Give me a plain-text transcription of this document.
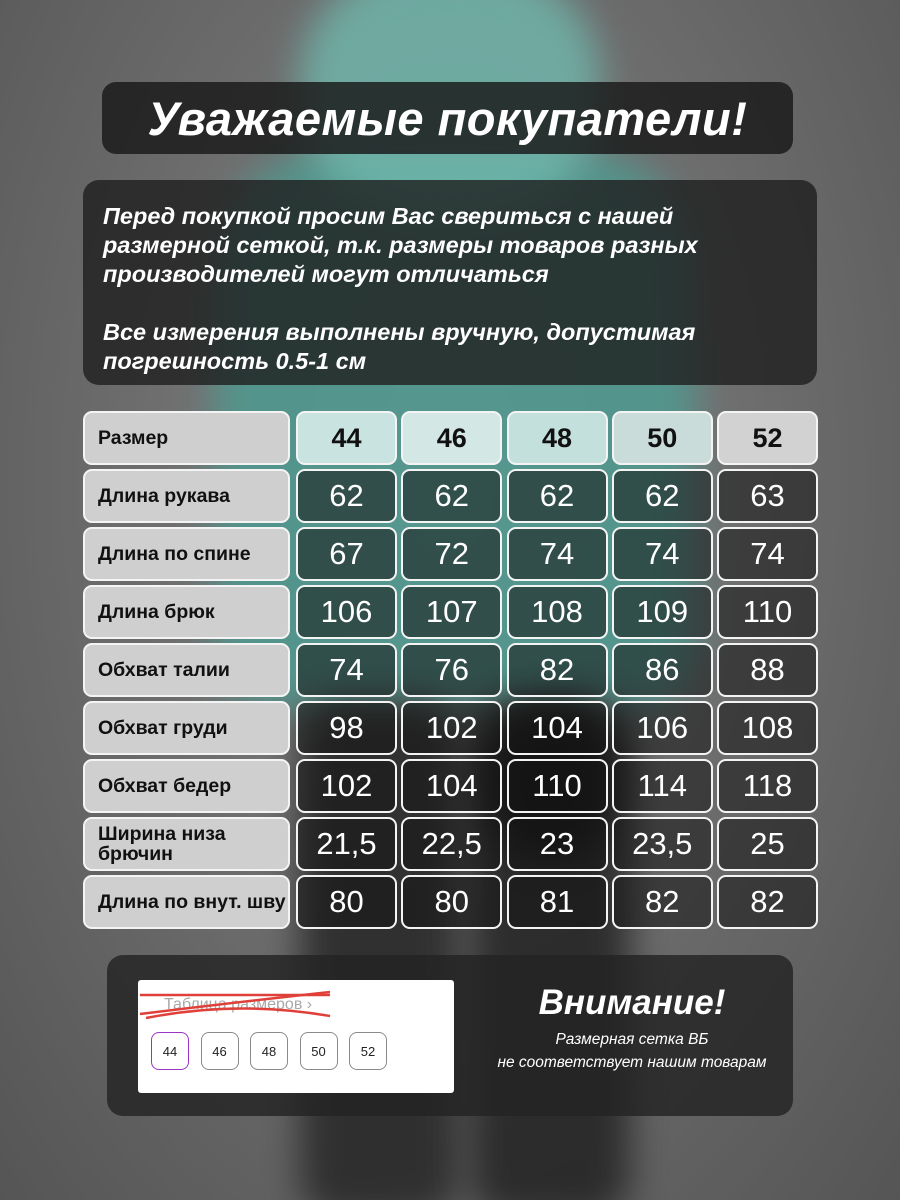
Уважаемые покупатели!

Перед покупкой просим Вас свериться с нашей размерной сеткой, т.к. размеры товаров разных производителей могут отличаться

Все измерения выполнены вручную, допустимая погрешность 0.5-1 см

Размер	44	46	48	50	52
Длина рукава	62	62	62	62	63
Длина по спине	67	72	74	74	74
Длина брюк	106	107	108	109	110
Обхват талии	74	76	82	86	88
Обхват груди	98	102	104	106	108
Обхват бедер	102	104	110	114	118
Ширина низа брючин	21,5	22,5	23	23,5	25
Длина по внут. шву	80	80	81	82	82
Таблица размеров ›
44	46	48	50	52
Внимание!
Размерная сетка ВБ
не соответствует нашим товарам
